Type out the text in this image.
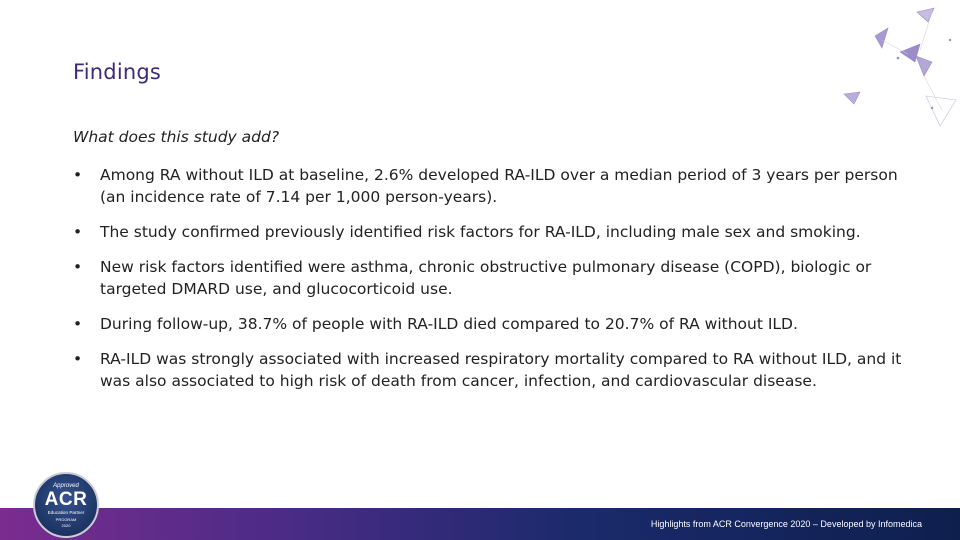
Findings
What does this study add?
• Among RA without ILD at baseline, 2.6% developed RA-ILD over a median period of 3 years per person (an incidence rate of 7.14 per 1,000 person-years).
• The study confirmed previously identified risk factors for RA-ILD, including male sex and smoking.
• New risk factors identified were asthma, chronic obstructive pulmonary disease (COPD), biologic or targeted DMARD use, and glucocorticoid use.
• During follow-up, 38.7% of people with RA-ILD died compared to 20.7% of RA without ILD.
• RA-ILD was strongly associated with increased respiratory mortality compared to RA without ILD, and it was also associated to high risk of death from cancer, infection, and cardiovascular disease.
Highlights from ACR Convergence 2020 – Developed by Infomedica
Approved
ACR
Education Partner
PROGRAM
2020
